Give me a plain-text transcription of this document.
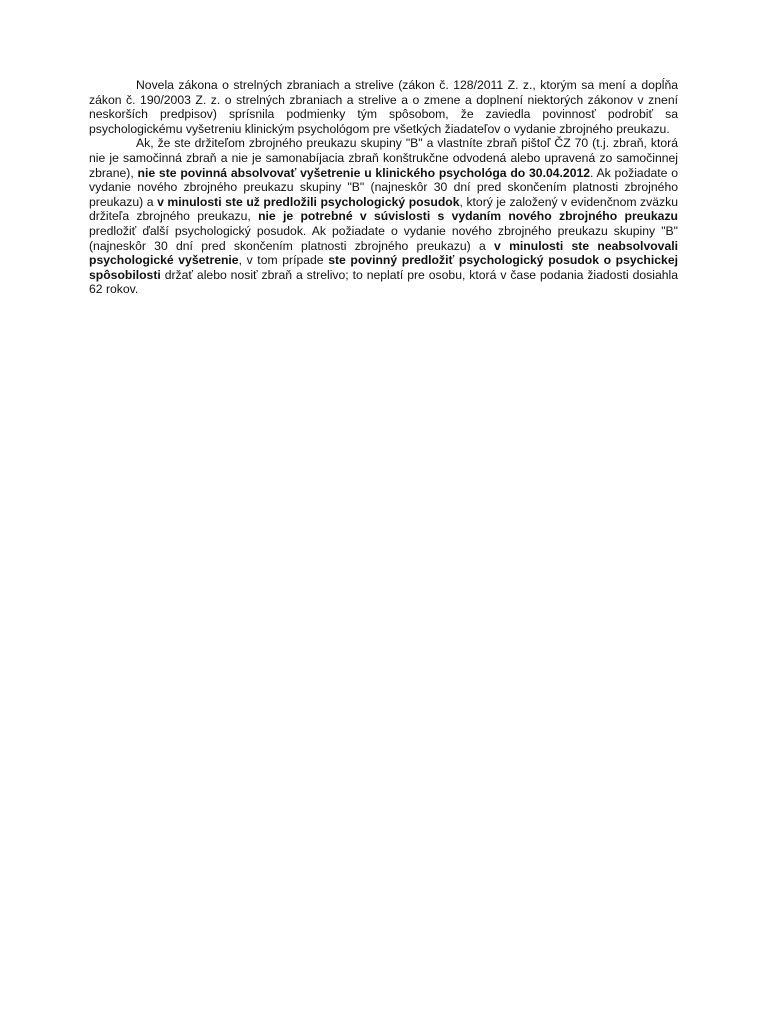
Novela zákona o strelných zbraniach a strelive (zákon č. 128/2011 Z. z., ktorým sa mení a dopĺňa zákon č. 190/2003 Z. z. o strelných zbraniach a strelive a o zmene a doplnení niektorých zákonov v znení neskorších predpisov) sprísnila podmienky tým spôsobom, že zaviedla povinnosť podrobiť sa psychologickému vyšetreniu klinickým psychológom pre všetkých žiadateľov o vydanie zbrojného preukazu.

Ak, že ste držiteľom zbrojného preukazu skupiny "B" a vlastníte zbraň pištoľ ČZ 70 (t.j. zbraň, ktorá nie je samočinná zbraň a nie je samonabíjacia zbraň konštrukčne odvodená alebo upravená zo samočinnej zbrane), nie ste povinná absolvovať vyšetrenie u klinického psychológa do 30.04.2012. Ak požiadate o vydanie nového zbrojného preukazu skupiny "B" (najneskôr 30 dní pred skončením platnosti zbrojného preukazu) a v minulosti ste už predložili psychologický posudok, ktorý je založený v evidenčnom zväzku držiteľa zbrojného preukazu, nie je potrebné v súvislosti s vydaním nového zbrojného preukazu predložiť ďalší psychologický posudok. Ak požiadate o vydanie nového zbrojného preukazu skupiny "B" (najneskôr 30 dní pred skončením platnosti zbrojného preukazu) a v minulosti ste neabsolvovali psychologické vyšetrenie, v tom prípade ste povinný predložiť psychologický posudok o psychickej spôsobilosti držať alebo nosiť zbraň a strelivo; to neplatí pre osobu, ktorá v čase podania žiadosti dosiahla 62 rokov.
